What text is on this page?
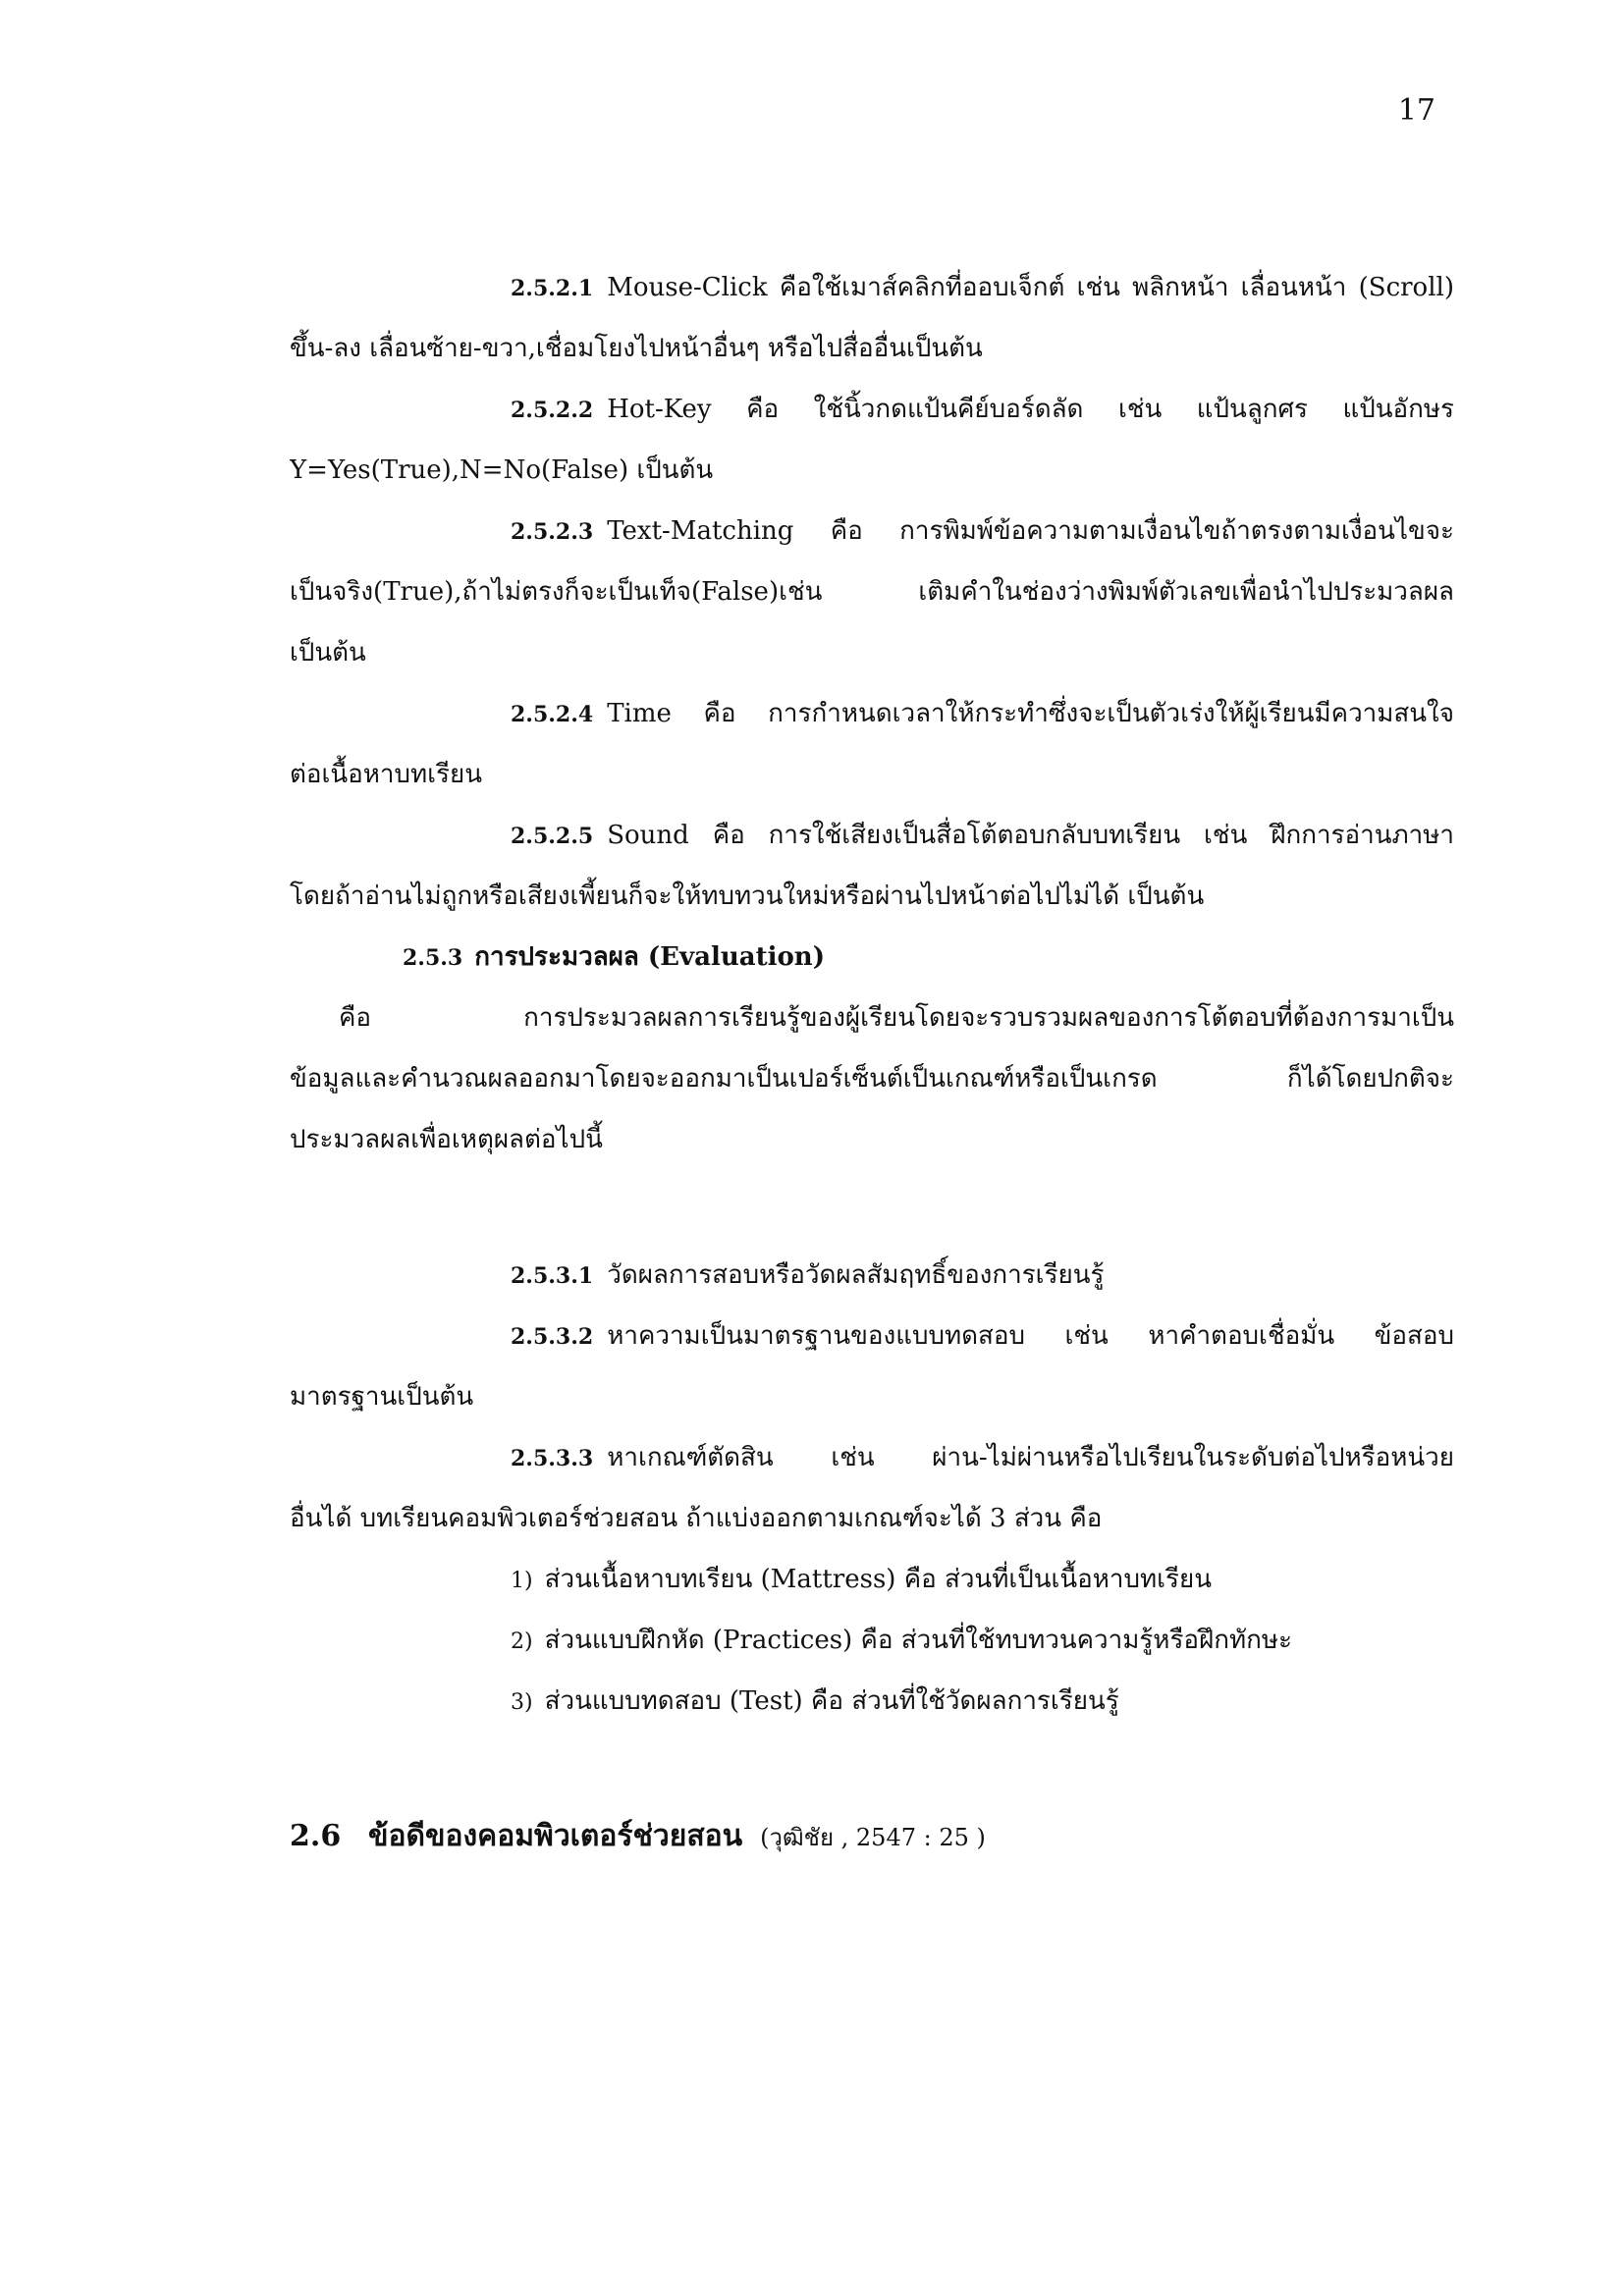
17
2.5.2.1 Mouse-Click คือใช้เมาส์คลิกที่ออบเจ็กต์ เช่น พลิกหน้า เลื่อนหน้า (Scroll)
ขึ้น-ลง เลื่อนซ้าย-ขวา,เชื่อมโยงไปหน้าอื่นๆ หรือไปสื่ออื่นเป็นต้น
2.5.2.2 Hot-Key คือ ใช้นิ้วกดแป้นคีย์บอร์ดลัด เช่น แป้นลูกศร แป้นอักษร
Y=Yes(True),N=No(False) เป็นต้น
2.5.2.3 Text-Matching คือ การพิมพ์ข้อความตามเงื่อนไขถ้าตรงตามเงื่อนไขจะ
เป็นจริง(True),ถ้าไม่ตรงก็จะเป็นเท็จ(False)เช่น เติมคำในช่องว่างพิมพ์ตัวเลขเพื่อนำไปประมวลผล
เป็นต้น
2.5.2.4 Time คือ การกำหนดเวลาให้กระทำซึ่งจะเป็นตัวเร่งให้ผู้เรียนมีความสนใจ
ต่อเนื้อหาบทเรียน
2.5.2.5 Sound คือ การใช้เสียงเป็นสื่อโต้ตอบกลับบทเรียน เช่น ฝึกการอ่านภาษา
โดยถ้าอ่านไม่ถูกหรือเสียงเพี้ยนก็จะให้ทบทวนใหม่หรือผ่านไปหน้าต่อไปไม่ได้ เป็นต้น
2.5.3 การประมวลผล (Evaluation)
คือ การประมวลผลการเรียนรู้ของผู้เรียนโดยจะรวบรวมผลของการโต้ตอบที่ต้องการมาเป็น
ข้อมูลและคำนวณผลออกมาโดยจะออกมาเป็นเปอร์เซ็นต์เป็นเกณฑ์หรือเป็นเกรด ก็ได้โดยปกติจะ
ประมวลผลเพื่อเหตุผลต่อไปนี้
2.5.3.1 วัดผลการสอบหรือวัดผลสัมฤทธิ์ของการเรียนรู้
2.5.3.2 หาความเป็นมาตรฐานของแบบทดสอบ เช่น หาคำตอบเชื่อมั่น ข้อสอบ
มาตรฐานเป็นต้น
2.5.3.3 หาเกณฑ์ตัดสิน เช่น ผ่าน-ไม่ผ่านหรือไปเรียนในระดับต่อไปหรือหน่วย
อื่นได้ บทเรียนคอมพิวเตอร์ช่วยสอน ถ้าแบ่งออกตามเกณฑ์จะได้ 3 ส่วน คือ
1) ส่วนเนื้อหาบทเรียน (Mattress) คือ ส่วนที่เป็นเนื้อหาบทเรียน
2) ส่วนแบบฝึกหัด (Practices) คือ ส่วนที่ใช้ทบทวนความรู้หรือฝึกทักษะ
3) ส่วนแบบทดสอบ (Test) คือ ส่วนที่ใช้วัดผลการเรียนรู้
2.6 ข้อดีของคอมพิวเตอร์ช่วยสอน (วุฒิชัย , 2547 : 25 )
